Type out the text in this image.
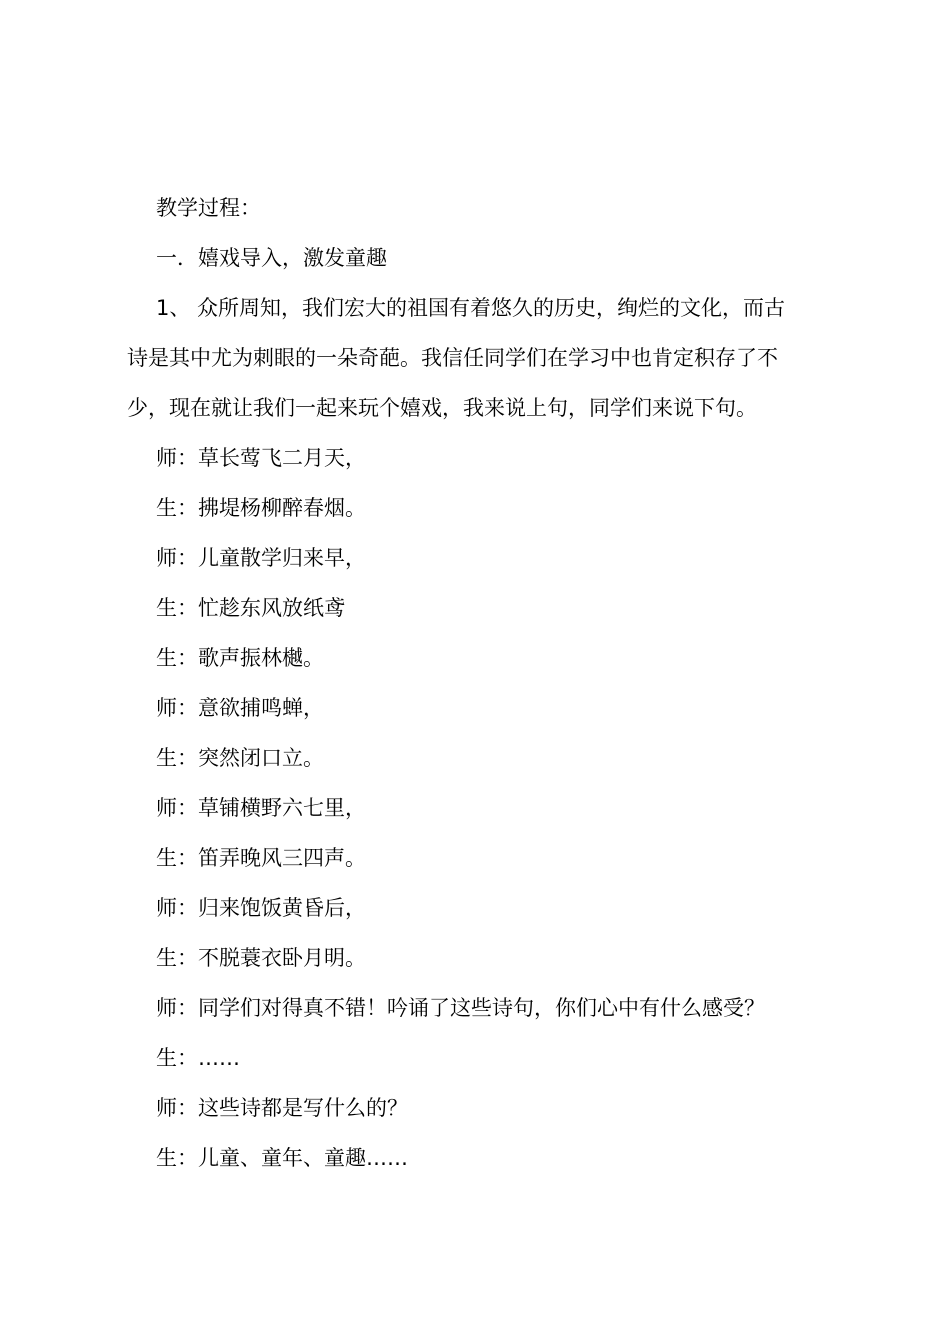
教学过程：

一．嬉戏导入，激发童趣

1、 众所周知，我们宏大的祖国有着悠久的历史，绚烂的文化，而古

诗是其中尤为刺眼的一朵奇葩。我信任同学们在学习中也肯定积存了不

少，现在就让我们一起来玩个嬉戏，我来说上句，同学们来说下句。

师：草长莺飞二月天，

生：拂堤杨柳醉春烟。

师：儿童散学归来早，

生：忙趁东风放纸鸢

生：歌声振林樾。

师：意欲捕鸣蝉，

生：突然闭口立。

师：草铺横野六七里，

生：笛弄晚风三四声。

师：归来饱饭黄昏后，

生：不脱蓑衣卧月明。

师：同学们对得真不错！吟诵了这些诗句，你们心中有什么感受？

生：……

师：这些诗都是写什么的？

生：儿童、童年、童趣……
